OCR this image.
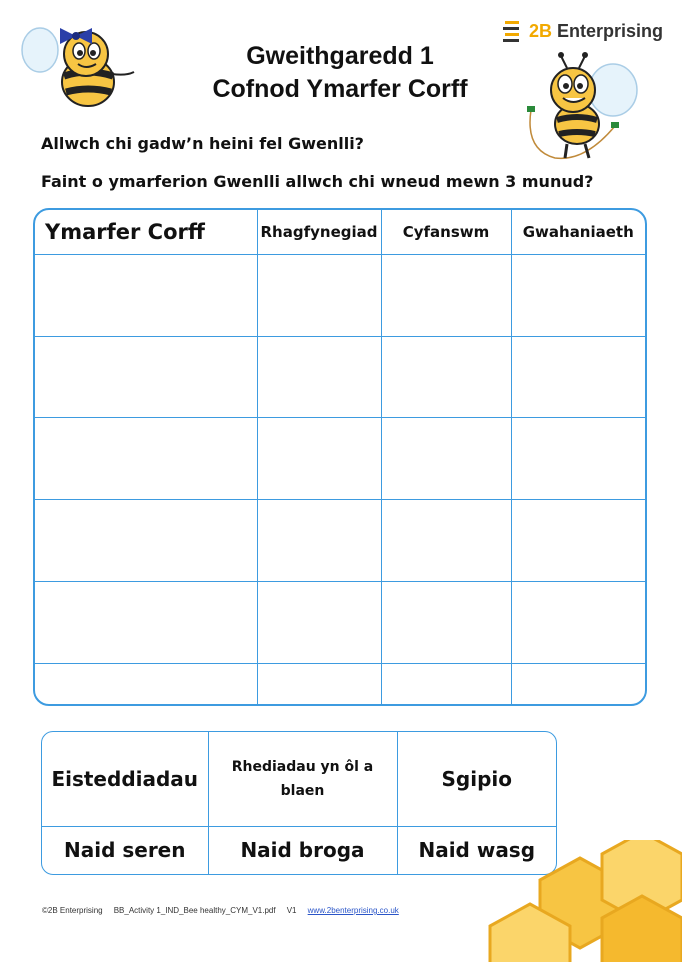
2B Enterprising
Gweithgaredd 1
Cofnod Ymarfer Corff
Allwch chi gadw’n heini fel Gwenlli?
Faint o ymarferion Gwenlli allwch chi wneud mewn 3 munud?
Ymarfer Corff	Rhagfynegiad	Cyfanswm	Gwahaniaeth

Eisteddiadau	Rhediadau yn ôl a blaen	Sgipio
Naid seren	Naid broga	Naid wasg
©2B Enterprising BB_Activity 1_IND_Bee healthy_CYM_V1.pdf V1 www.2benterprising.co.uk
